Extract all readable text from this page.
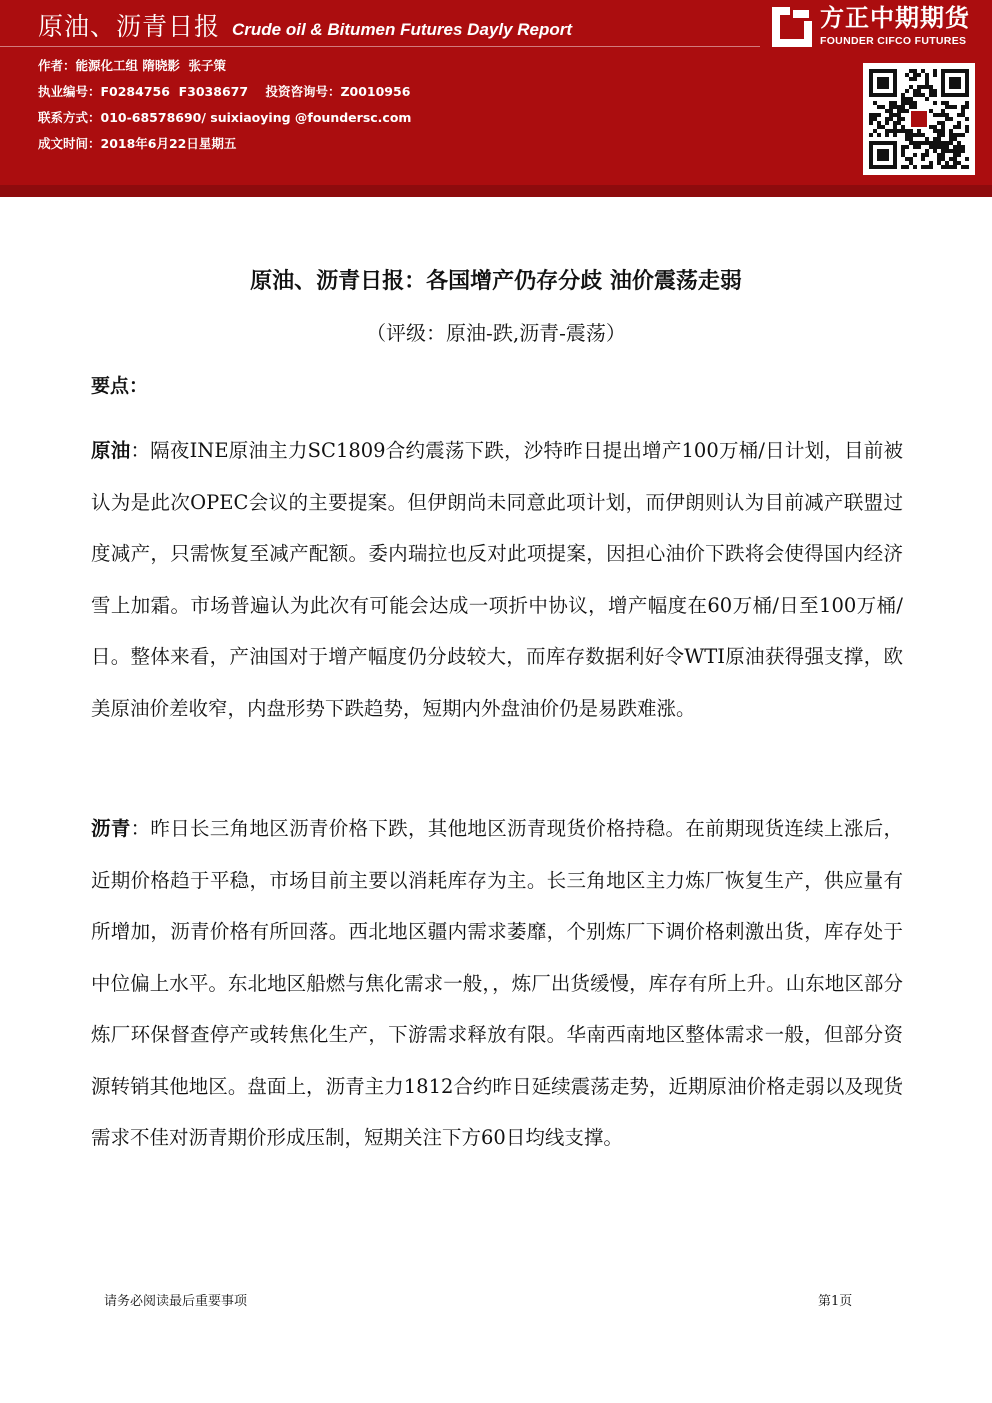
原油、沥青日报 Crude oil & Bitumen Futures Dayly Report
作者：能源化工组 隋晓影  张子策
执业编号：F0284756  F3038677    投资咨询号：Z0010956
联系方式：010-68578690/ suixiaoying @foundersc.com
成文时间：2018年6月22日星期五
方正中期期货
FOUNDER CIFCO FUTURES
原油、沥青日报：各国增产仍存分歧 油价震荡走弱
（评级：原油-跌,沥青-震荡）
要点：
原油：隔夜INE原油主力SC1809合约震荡下跌，沙特昨日提出增产100万桶/日计划，目前被认为是此次OPEC会议的主要提案。但伊朗尚未同意此项计划，而伊朗则认为目前减产联盟过度减产，只需恢复至减产配额。委内瑞拉也反对此项提案，因担心油价下跌将会使得国内经济雪上加霜。市场普遍认为此次有可能会达成一项折中协议，增产幅度在60万桶/日至100万桶/日。整体来看，产油国对于增产幅度仍分歧较大，而库存数据利好令WTI原油获得强支撑，欧美原油价差收窄，内盘形势下跌趋势，短期内外盘油价仍是易跌难涨。
沥青：昨日长三角地区沥青价格下跌，其他地区沥青现货价格持稳。在前期现货连续上涨后，近期价格趋于平稳，市场目前主要以消耗库存为主。长三角地区主力炼厂恢复生产，供应量有所增加，沥青价格有所回落。西北地区疆内需求萎靡，个别炼厂下调价格刺激出货，库存处于中位偏上水平。东北地区船燃与焦化需求一般，，炼厂出货缓慢，库存有所上升。山东地区部分炼厂环保督查停产或转焦化生产，下游需求释放有限。华南西南地区整体需求一般，但部分资源转销其他地区。盘面上，沥青主力1812合约昨日延续震荡走势，近期原油价格走弱以及现货需求不佳对沥青期价形成压制，短期关注下方60日均线支撑。
请务必阅读最后重要事项	第1页
